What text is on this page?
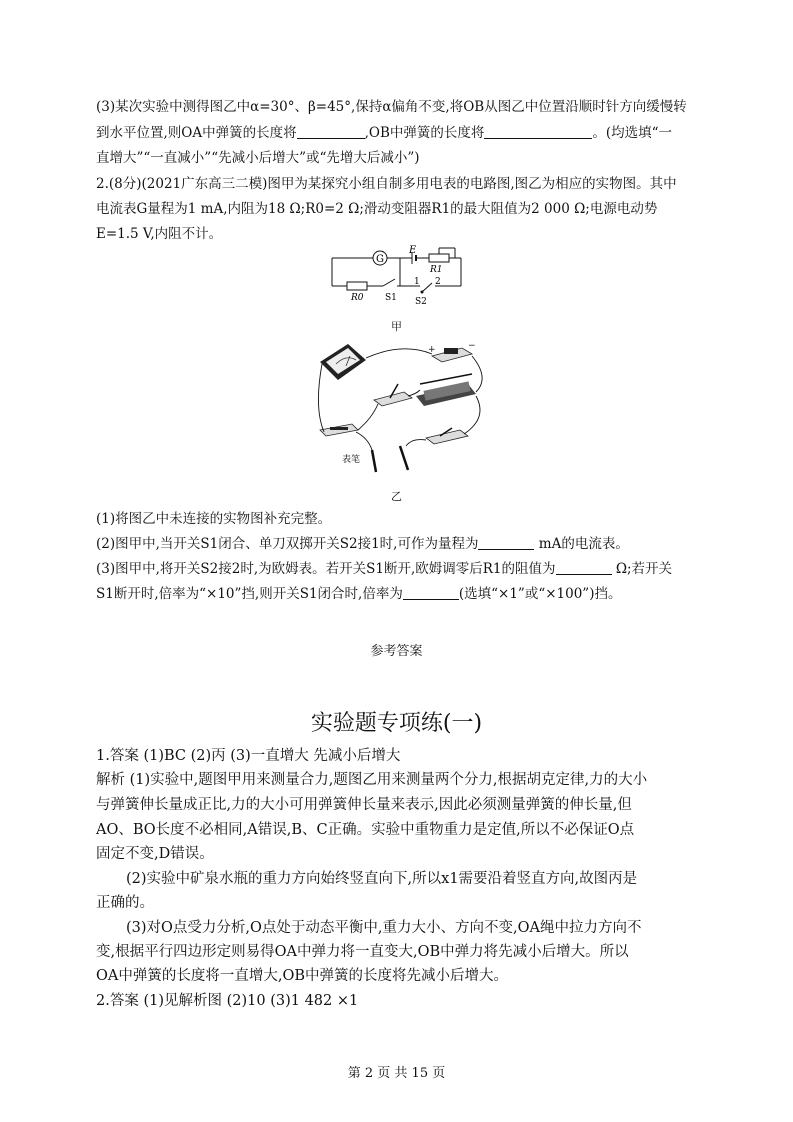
(3)某次实验中测得图乙中α=30°、β=45°,保持α偏角不变,将OB从图乙中位置沿顺时针方向缓慢转
到水平位置,则OA中弹簧的长度将	,OB中弹簧的长度将	。(均选填“一
直增大”“一直减小”“先减小后增大”或“先增大后减小”)
2.(8分)(2021广东高三二模)图甲为某探究小组自制多用电表的电路图,图乙为相应的实物图。其中
电流表G量程为1 mA,内阻为18 Ω;R0=2 Ω;滑动变阻器R1的最大阻值为2 000 Ω;电源电动势
E=1.5 V,内阻不计。
G
E
R1
R0 S1 S2
1 2
甲
+	−
表笔
乙
(1)将图乙中未连接的实物图补充完整。
(2)图甲中,当开关S1闭合、单刀双掷开关S2接1时,可作为量程为	mA的电流表。
(3)图甲中,将开关S2接2时,为欧姆表。若开关S1断开,欧姆调零后R1的阻值为	Ω;若开关
S1断开时,倍率为“×10”挡,则开关S1闭合时,倍率为	(选填“×1”或“×100”)挡。
参考答案
实验题专项练(一)
1.答案 (1)BC (2)丙 (3)一直增大 先减小后增大
解析 (1)实验中,题图甲用来测量合力,题图乙用来测量两个分力,根据胡克定律,力的大小
与弹簧伸长量成正比,力的大小可用弹簧伸长量来表示,因此必须测量弹簧的伸长量,但
AO、BO长度不必相同,A错误,B、C正确。实验中重物重力是定值,所以不必保证O点
固定不变,D错误。
(2)实验中矿泉水瓶的重力方向始终竖直向下,所以x1需要沿着竖直方向,故图丙是
正确的。
(3)对O点受力分析,O点处于动态平衡中,重力大小、方向不变,OA绳中拉力方向不
变,根据平行四边形定则易得OA中弹力将一直变大,OB中弹力将先减小后增大。所以
OA中弹簧的长度将一直增大,OB中弹簧的长度将先减小后增大。
2.答案 (1)见解析图 (2)10 (3)1 482 ×1
第 2 页 共 15 页
